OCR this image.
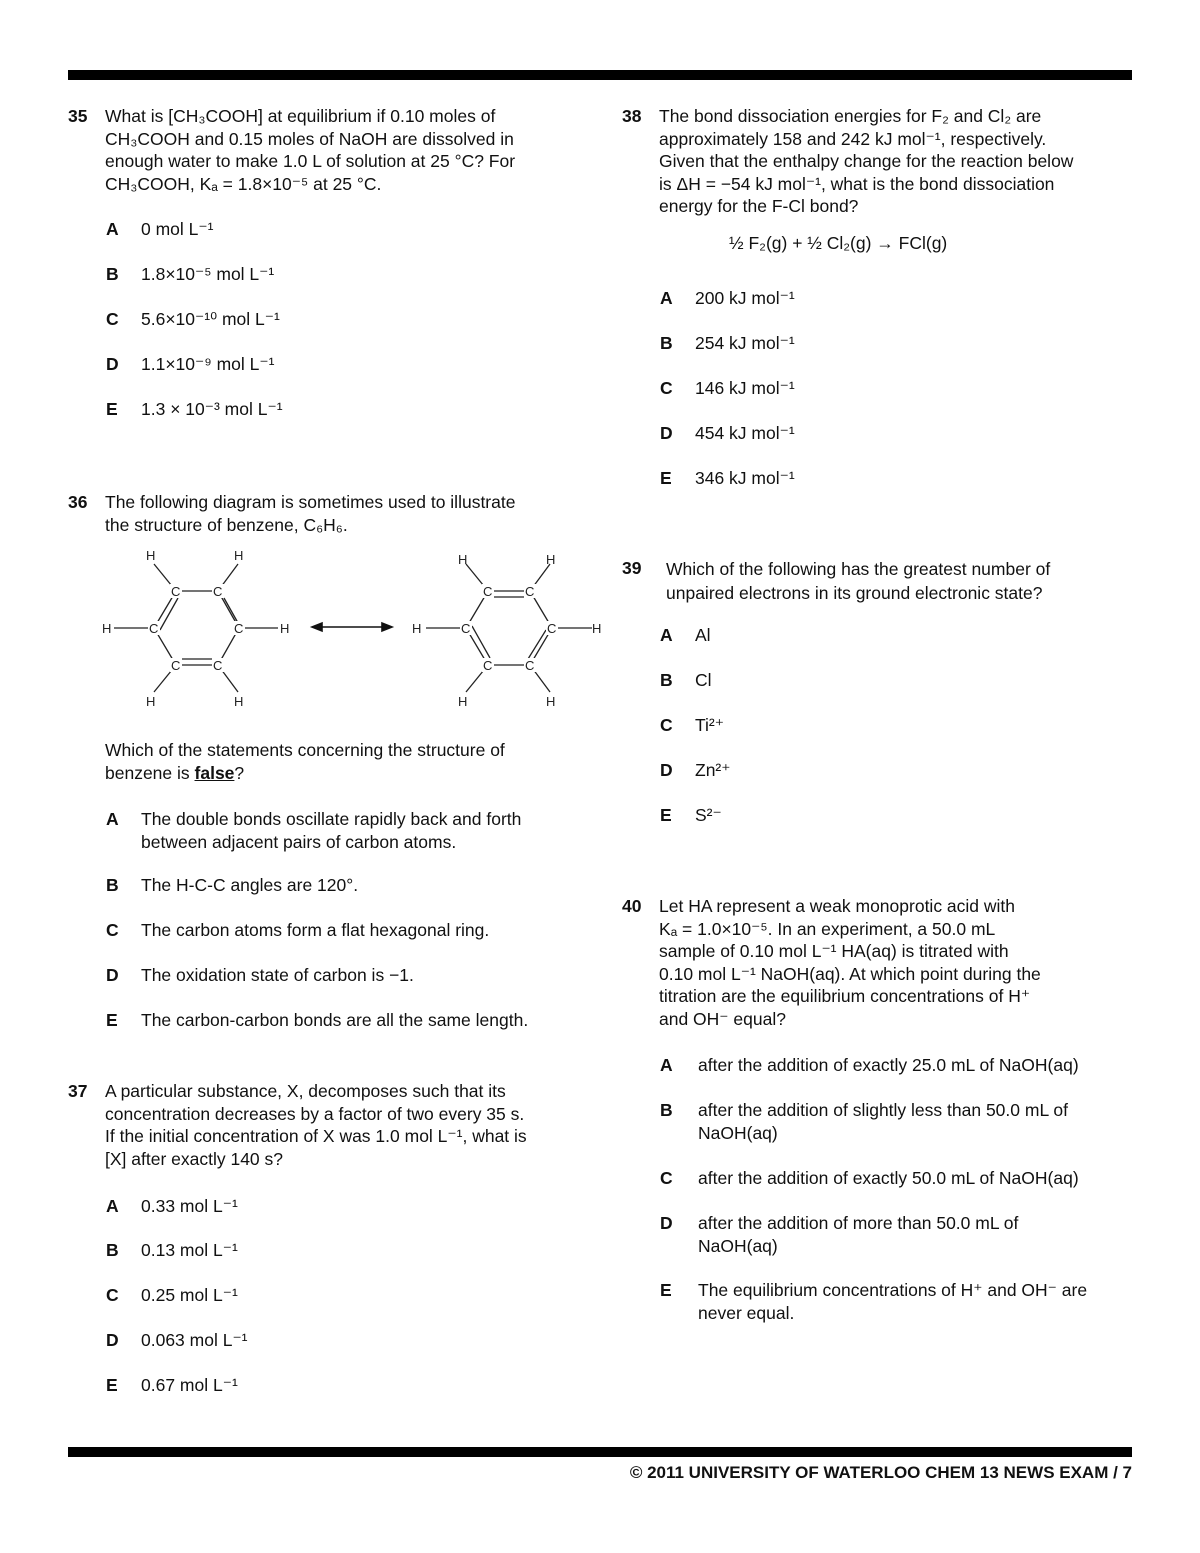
35 What is [CH₃COOH] at equilibrium if 0.10 moles of
CH₃COOH and 0.15 moles of NaOH are dissolved in
enough water to make 1.0 L of solution at 25 °C? For
CH₃COOH, Kₐ = 1.8×10⁻⁵ at 25 °C.
A 0 mol L⁻¹
B 1.8×10⁻⁵ mol L⁻¹
C 5.6×10⁻¹⁰ mol L⁻¹
D 1.1×10⁻⁹ mol L⁻¹
E 1.3 × 10⁻³ mol L⁻¹
36 The following diagram is sometimes used to illustrate
the structure of benzene, C₆H₆.
C	C
C
C
C	C
H	H
H	H
H	H
C	C
C
C
C	C
H	H
H	H
H	H
Which of the statements concerning the structure of
benzene is false?
A The double bonds oscillate rapidly back and forth
between adjacent pairs of carbon atoms.
B The H-C-C angles are 120°.
C The carbon atoms form a flat hexagonal ring.
D The oxidation state of carbon is −1.
E The carbon-carbon bonds are all the same length.
37 A particular substance, X, decomposes such that its
concentration decreases by a factor of two every 35 s.
If the initial concentration of X was 1.0 mol L⁻¹, what is
[X] after exactly 140 s?
A 0.33 mol L⁻¹
B 0.13 mol L⁻¹
C 0.25 mol L⁻¹
D 0.063 mol L⁻¹
E 0.67 mol L⁻¹
38 The bond dissociation energies for F₂ and Cl₂ are
approximately 158 and 242 kJ mol⁻¹, respectively.
Given that the enthalpy change for the reaction below
is ΔH = −54 kJ mol⁻¹, what is the bond dissociation
energy for the F-Cl bond?
A 200 kJ mol⁻¹
B 254 kJ mol⁻¹
C 146 kJ mol⁻¹
D 454 kJ mol⁻¹
E 346 kJ mol⁻¹
½ F₂(g) + ½ Cl₂(g) → FCl(g)
39 Which of the following has the greatest number of
unpaired electrons in its ground electronic state?
A Al
B Cl
C Ti²⁺
D Zn²⁺
E S²⁻
40 Let HA represent a weak monoprotic acid with
Kₐ = 1.0×10⁻⁵. In an experiment, a 50.0 mL
sample of 0.10 mol L⁻¹ HA(aq) is titrated with
0.10 mol L⁻¹ NaOH(aq). At which point during the
titration are the equilibrium concentrations of H⁺
and OH⁻ equal?
A after the addition of exactly 25.0 mL of NaOH(aq)
B after the addition of slightly less than 50.0 mL of
NaOH(aq)
C after the addition of exactly 50.0 mL of NaOH(aq)
D after the addition of more than 50.0 mL of
NaOH(aq)
E The equilibrium concentrations of H⁺ and OH⁻ are
never equal.
© 2011 UNIVERSITY OF WATERLOO CHEM 13 NEWS EXAM / 7
